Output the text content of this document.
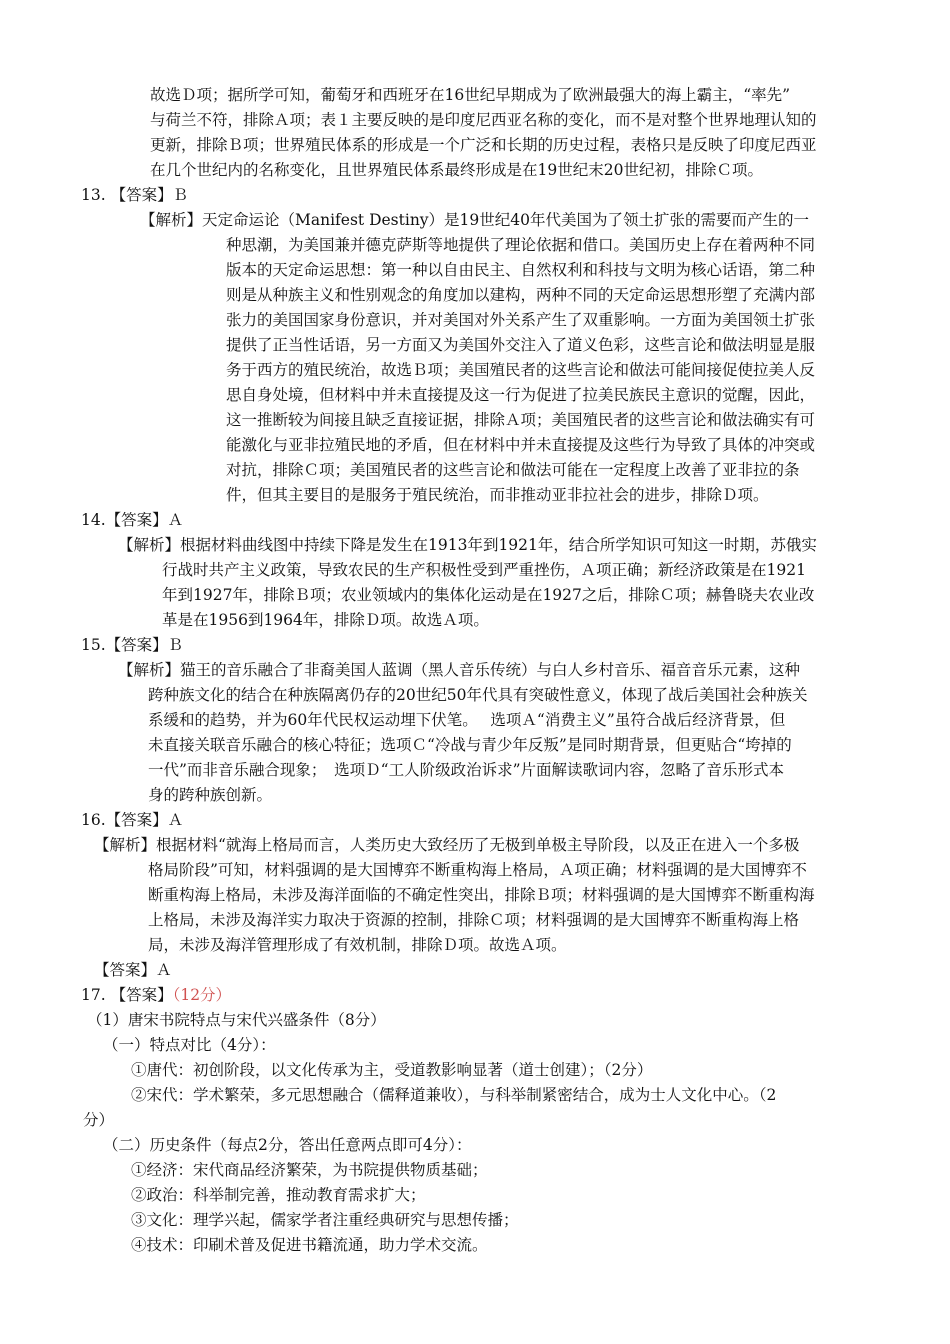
故选Ｄ项；据所学可知，葡萄牙和西班牙在16世纪早期成为了欧洲最强大的海上霸主，“率先”
与荷兰不符，排除Ａ项；表１主要反映的是印度尼西亚名称的变化，而不是对整个世界地理认知的
更新，排除Ｂ项；世界殖民体系的形成是一个广泛和长期的历史过程，表格只是反映了印度尼西亚
在几个世纪内的名称变化，且世界殖民体系最终形成是在19世纪末20世纪初，排除Ｃ项。
13. 【答案】Ｂ
【解析】天定命运论（Manifest Destiny）是19世纪40年代美国为了领土扩张的需要而产生的一
种思潮，为美国兼并德克萨斯等地提供了理论依据和借口。美国历史上存在着两种不同
版本的天定命运思想：第一种以自由民主、自然权利和科技与文明为核心话语，第二种
则是从种族主义和性别观念的角度加以建构，两种不同的天定命运思想形塑了充满内部
张力的美国国家身份意识，并对美国对外关系产生了双重影响。一方面为美国领土扩张
提供了正当性话语，另一方面又为美国外交注入了道义色彩，这些言论和做法明显是服
务于西方的殖民统治，故选Ｂ项；美国殖民者的这些言论和做法可能间接促使拉美人反
思自身处境，但材料中并未直接提及这一行为促进了拉美民族民主意识的觉醒，因此，
这一推断较为间接且缺乏直接证据，排除Ａ项；美国殖民者的这些言论和做法确实有可
能激化与亚非拉殖民地的矛盾，但在材料中并未直接提及这些行为导致了具体的冲突或
对抗，排除Ｃ项；美国殖民者的这些言论和做法可能在一定程度上改善了亚非拉的条
件，但其主要目的是服务于殖民统治，而非推动亚非拉社会的进步，排除Ｄ项。
14.【答案】Ａ
【解析】根据材料曲线图中持续下降是发生在1913年到1921年，结合所学知识可知这一时期，苏俄实
行战时共产主义政策，导致农民的生产积极性受到严重挫伤，Ａ项正确；新经济政策是在1921
年到1927年，排除Ｂ项；农业领域内的集体化运动是在1927之后，排除Ｃ项；赫鲁晓夫农业改
革是在1956到1964年，排除Ｄ项。故选Ａ项。
15.【答案】Ｂ
【解析】猫王的音乐融合了非裔美国人蓝调（黑人音乐传统）与白人乡村音乐、福音音乐元素，这种
跨种族文化的结合在种族隔离仍存的20世纪50年代具有突破性意义，体现了战后美国社会种族关
系缓和的趋势，并为60年代民权运动埋下伏笔。　 选项Ａ“消费主义”虽符合战后经济背景，但
未直接关联音乐融合的核心特征；选项Ｃ“冷战与青少年反叛”是同时期背景，但更贴合“垮掉的
一代”而非音乐融合现象；　选项Ｄ“工人阶级政治诉求”片面解读歌词内容，忽略了音乐形式本
身的跨种族创新。
16.【答案】Ａ
【解析】根据材料“就海上格局而言，人类历史大致经历了无极到单极主导阶段，以及正在进入一个多极
格局阶段”可知，材料强调的是大国博弈不断重构海上格局，Ａ项正确；材料强调的是大国博弈不
断重构海上格局，未涉及海洋面临的不确定性突出，排除Ｂ项；材料强调的是大国博弈不断重构海
上格局，未涉及海洋实力取决于资源的控制，排除Ｃ项；材料强调的是大国博弈不断重构海上格
局，未涉及海洋管理形成了有效机制，排除Ｄ项。故选Ａ项。
【答案】Ａ
17. 【答案】（12分）
（1）唐宋书院特点与宋代兴盛条件（8分）
（一）特点对比（4分）：
①唐代：初创阶段，以文化传承为主，受道教影响显著（道士创建）；（2分）
②宋代：学术繁荣，多元思想融合（儒释道兼收），与科举制紧密结合，成为士人文化中心。（2
分）
（二）历史条件（每点2分，答出任意两点即可4分）：
①经济：宋代商品经济繁荣，为书院提供物质基础；
②政治：科举制完善，推动教育需求扩大；
③文化：理学兴起，儒家学者注重经典研究与思想传播；
④技术：印刷术普及促进书籍流通，助力学术交流。
